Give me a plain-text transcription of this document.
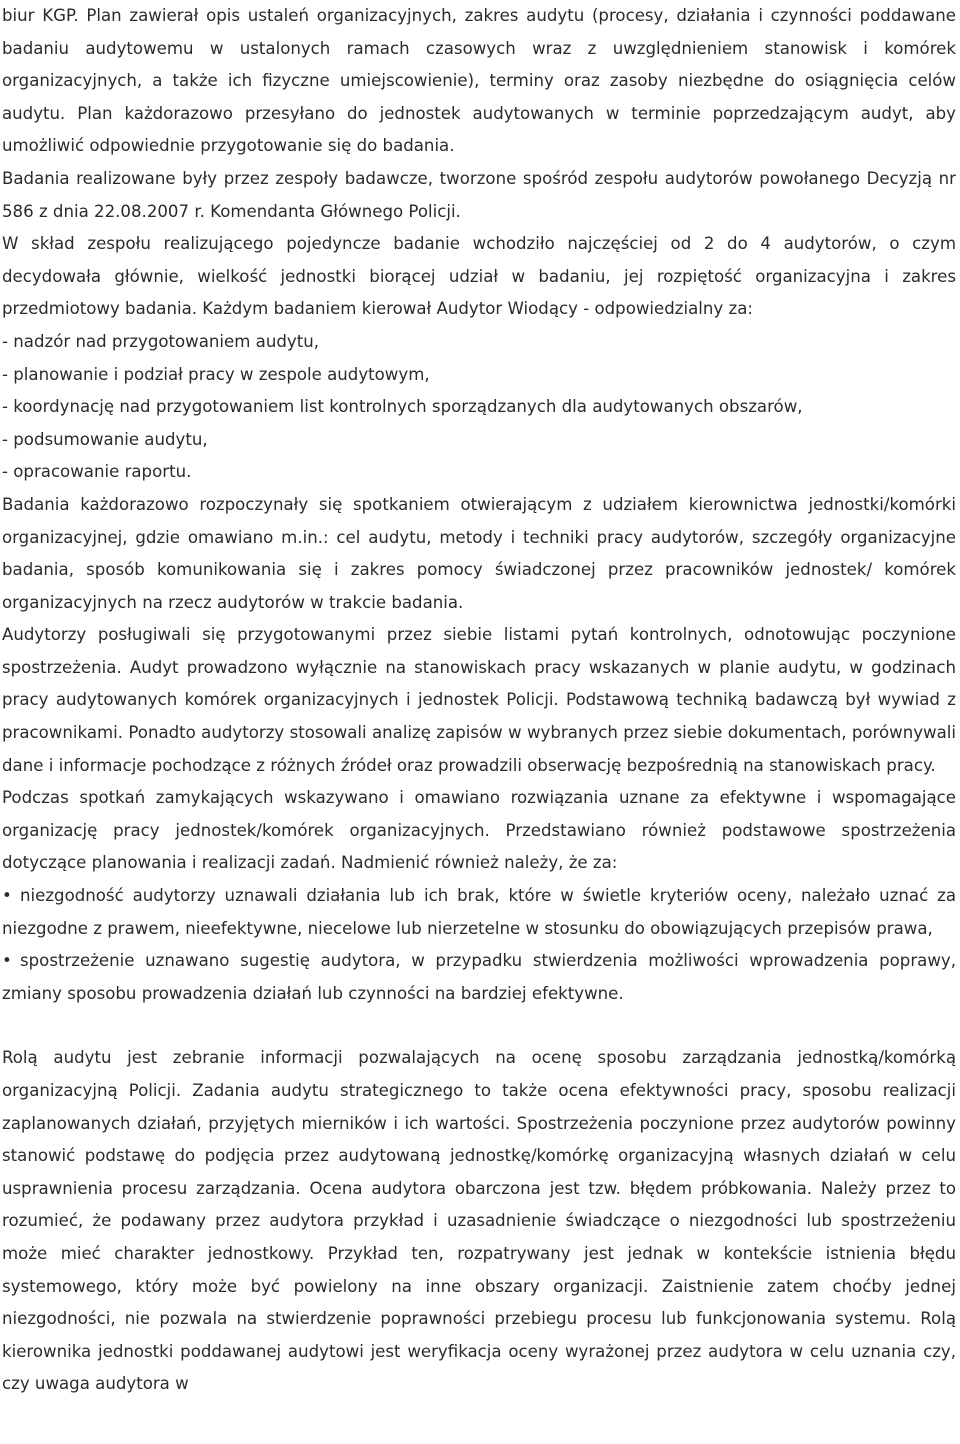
biur KGP. Plan zawierał opis ustaleń organizacyjnych, zakres audytu (procesy, działania i czynności poddawane badaniu audytowemu w ustalonych ramach czasowych wraz z uwzględnieniem stanowisk i komórek organizacyjnych, a także ich fizyczne umiejscowienie), terminy oraz zasoby niezbędne do osiągnięcia celów audytu. Plan każdorazowo przesyłano do jednostek audytowanych w terminie poprzedzającym audyt, aby umożliwić odpowiednie przygotowanie się do badania.

Badania realizowane były przez zespoły badawcze, tworzone spośród zespołu audytorów powołanego Decyzją nr 586 z dnia 22.08.2007 r. Komendanta Głównego Policji.

W skład zespołu realizującego pojedyncze badanie wchodziło najczęściej od 2 do 4 audytorów, o czym decydowała głównie, wielkość jednostki biorącej udział w badaniu, jej rozpiętość organizacyjna i zakres przedmiotowy badania. Każdym badaniem kierował Audytor Wiodący - odpowiedzialny za:

- nadzór nad przygotowaniem audytu,
- planowanie i podział pracy w zespole audytowym,
- koordynację nad przygotowaniem list kontrolnych sporządzanych dla audytowanych obszarów,
- podsumowanie audytu,
- opracowanie raportu.

Badania każdorazowo rozpoczynały się spotkaniem otwierającym z udziałem kierownictwa jednostki/komórki organizacyjnej, gdzie omawiano m.in.: cel audytu, metody i techniki pracy audytorów, szczegóły organizacyjne badania, sposób komunikowania się i zakres pomocy świadczonej przez pracowników jednostek/ komórek organizacyjnych na rzecz audytorów w trakcie badania.

Audytorzy posługiwali się przygotowanymi przez siebie listami pytań kontrolnych, odnotowując poczynione spostrzeżenia. Audyt prowadzono wyłącznie na stanowiskach pracy wskazanych w planie audytu, w godzinach pracy audytowanych komórek organizacyjnych i jednostek Policji. Podstawową techniką badawczą był wywiad z pracownikami. Ponadto audytorzy stosowali analizę zapisów w wybranych przez siebie dokumentach, porównywali dane i informacje pochodzące z różnych źródeł oraz prowadzili obserwację bezpośrednią na stanowiskach pracy.

Podczas spotkań zamykających wskazywano i omawiano rozwiązania uznane za efektywne i wspomagające organizację pracy jednostek/komórek organizacyjnych. Przedstawiano również podstawowe spostrzeżenia dotyczące planowania i realizacji zadań. Nadmienić również należy, że za:

• niezgodność audytorzy uznawali działania lub ich brak, które w świetle kryteriów oceny, należało uznać za niezgodne z prawem, nieefektywne, niecelowe lub nierzetelne w stosunku do obowiązujących przepisów prawa,
• spostrzeżenie uznawano sugestię audytora, w przypadku stwierdzenia możliwości wprowadzenia poprawy, zmiany sposobu prowadzenia działań lub czynności na bardziej efektywne.

Rolą audytu jest zebranie informacji pozwalających na ocenę sposobu zarządzania jednostką/komórką organizacyjną Policji. Zadania audytu strategicznego to także ocena efektywności pracy, sposobu realizacji zaplanowanych działań, przyjętych mierników i ich wartości. Spostrzeżenia poczynione przez audytorów powinny stanowić podstawę do podjęcia przez audytowaną jednostkę/komórkę organizacyjną własnych działań w celu usprawnienia procesu zarządzania. Ocena audytora obarczona jest tzw. błędem próbkowania. Należy przez to rozumieć, że podawany przez audytora przykład i uzasadnienie świadczące o niezgodności lub spostrzeżeniu może mieć charakter jednostkowy. Przykład ten, rozpatrywany jest jednak w kontekście istnienia błędu systemowego, który może być powielony na inne obszary organizacji. Zaistnienie zatem choćby jednej niezgodności, nie pozwala na stwierdzenie poprawności przebiegu procesu lub funkcjonowania systemu. Rolą kierownika jednostki poddawanej audytowi jest weryfikacja oceny wyrażonej przez audytora w celu uznania czy, czy uwaga audytora w
